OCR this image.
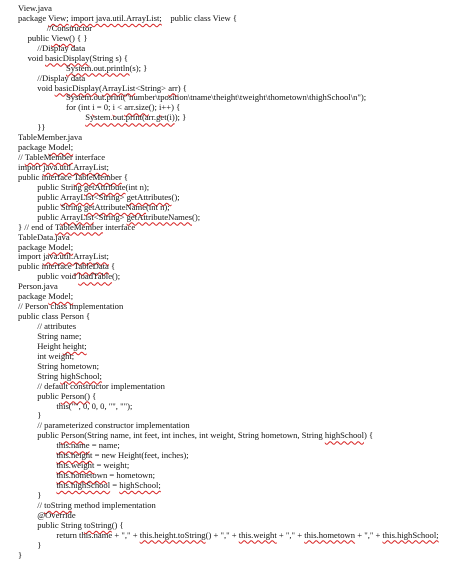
View.java
package View; import java.util.ArrayList;    public class View {
//Constructor
public View() { }
//Display data
void basicDisplay(String s) {
System.out.println(s); }
//Display data
void basicDisplay(ArrayList<String> arr) {
System.out.print("number\tposition\tname\theight\tweight\thometown\thighSchool\n");
for (int i = 0; i < arr.size(); i++) {
System.out.print(arr.get(i)); }
}}
TableMember.java
package Model;
// TableMember interface
import java.util.ArrayList;
public interface TableMember {
public String getAttribute(int n);
public ArrayList<String> getAttributes();
public String getAttributeName(int n);
public ArrayList<String> getAttributeNames();
} // end of TableMember interface
TableData.java
package Model;
import java.util.ArrayList;
public interface TableData {
public void loadTable();
Person.java
package Model;
// Person class implementation
public class Person {
// attributes
String name;
Height height;
int weight;
String hometown;
String highSchool;
// default constructor implementation
public Person() {
this("", 0, 0, 0, "", "");
}
// parameterized constructor implementation
public Person(String name, int feet, int inches, int weight, String hometown, String highSchool) {
this.name = name;
this.height = new Height(feet, inches);
this.weight = weight;
this.hometown = hometown;
this.highSchool = highSchool;
}
// toString method implementation
@Override
public String toString() {
return this.name + "," + this.height.toString() + "," + this.weight + "," + this.hometown + "," + this.highSchool;
}
}
